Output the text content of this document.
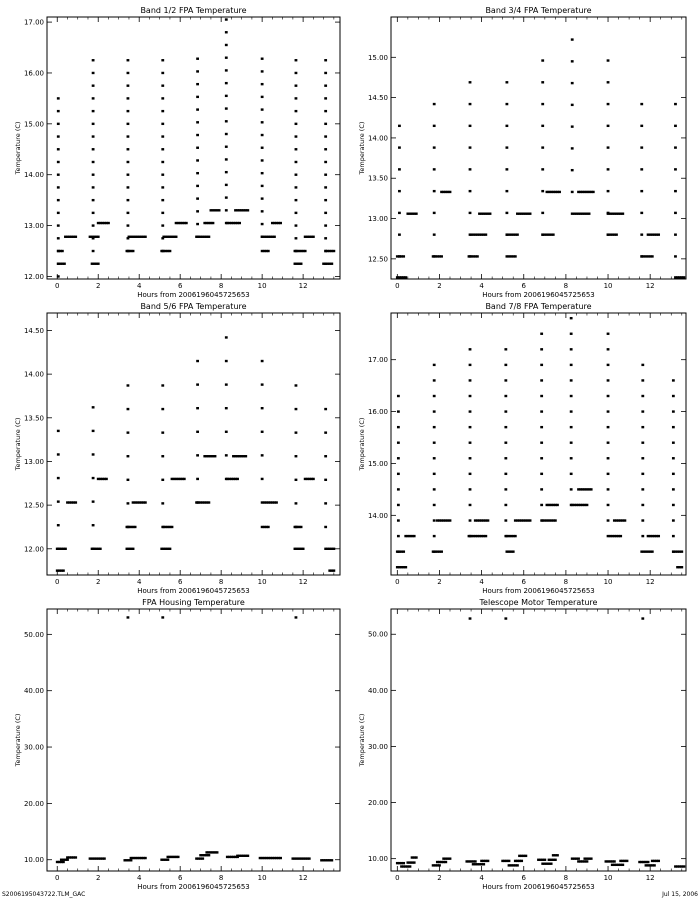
Band 1/2 FPA Temperature
Hours from 2006196045725653
Temperature (C)
0	2	4	6	8	10	12
12.00
13.00
14.00
15.00
16.00
17.00
Band 3/4 FPA Temperature
Hours from 2006196045725653
Temperature (C)
0	2	4	6	8	10	12
12.50
13.00
13.50
14.00
14.50
15.00
Band 5/6 FPA Temperature
Hours from 2006196045725653
Temperature (C)
0	2	4	6	8	10	12
12.00
12.50
13.00
13.50
14.00
14.50
Band 7/8 FPA Temperature
Hours from 2006196045725653
Temperature (C)
0	2	4	6	8	10	12
14.00
15.00
16.00
17.00
FPA Housing Temperature
Hours from 2006196045725653
Temperature (C)
0	2	4	6	8	10	12
10.00
20.00
30.00
40.00
50.00
Telescope Motor Temperature
Hours from 2006196045725653
Temperature (C)
0	2	4	6	8	10	12
10.00
20.00
30.00
40.00
50.00
S2006195043722.TLM_GAC	Jul 15, 2006
